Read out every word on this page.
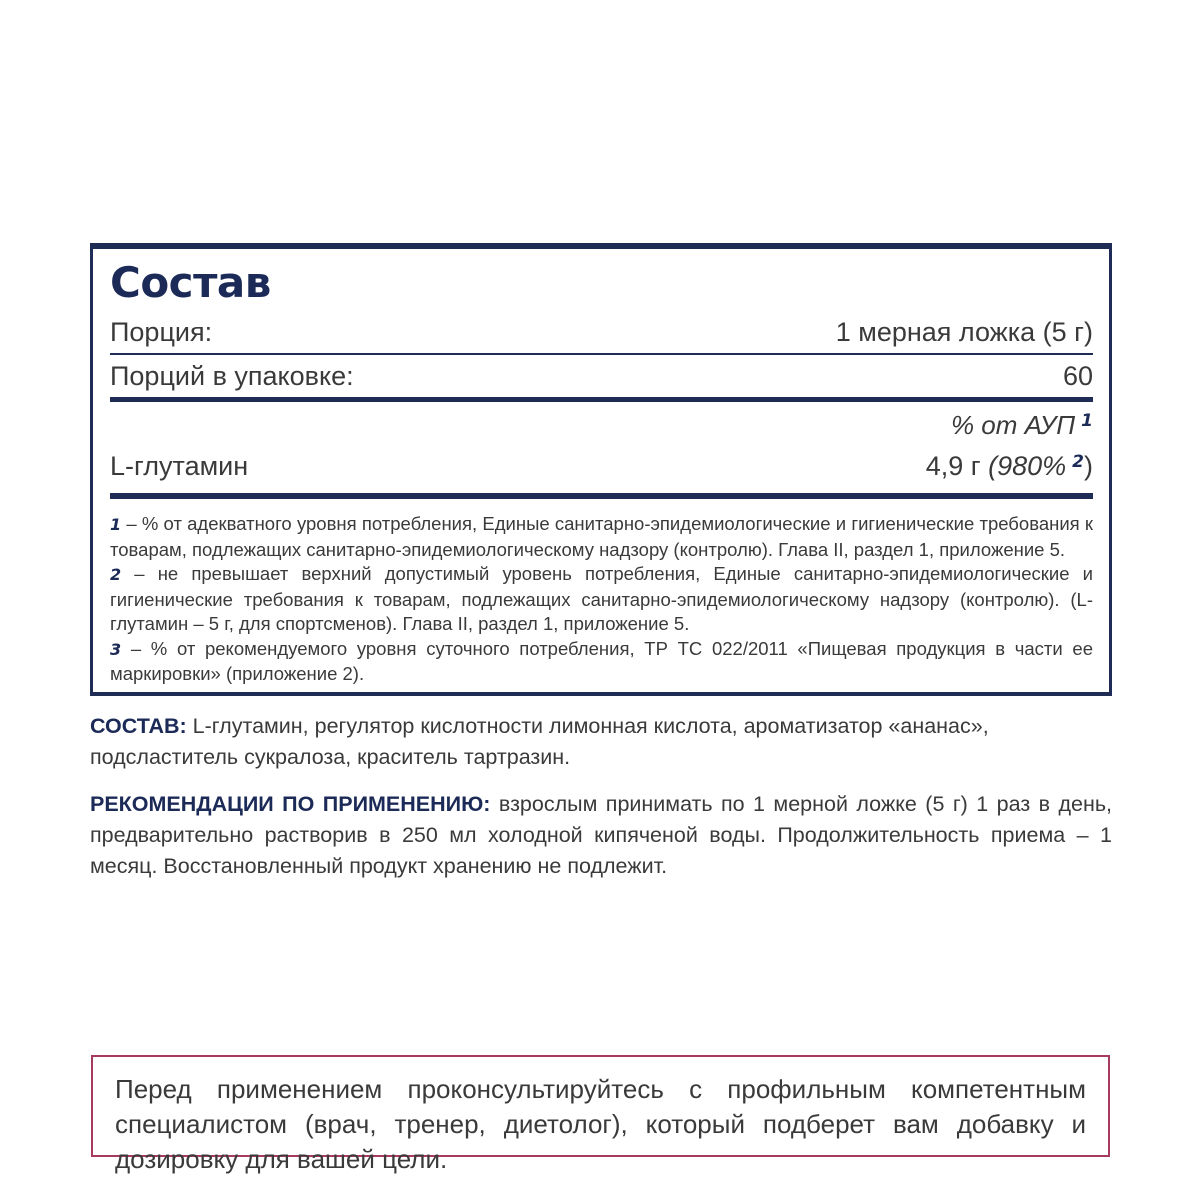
Состав
Порция:	1 мерная ложка (5 г)
Порций в упаковке:	60
% от АУП $^1$
L-глутамин	4,9 г (980% $^2$)

1 – % от адекватного уровня потребления, Единые санитарно-эпидемиологические и гигиенические требования к товарам, подлежащих санитарно-эпидемиологическому надзору (контролю). Глава II, раздел 1, приложение 5.

2 – не превышает верхний допустимый уровень потребления, Единые санитарно-эпидемиологические и гигиенические требования к товарам, подлежащих санитарно-эпидемиологическому надзору (контролю). (L-глутамин – 5 г, для спортсменов). Глава II, раздел 1, приложение 5.

3 – % от рекомендуемого уровня суточного потребления, ТР ТС 022/2011 «Пищевая продукция в части ее маркировки» (приложение 2).

СОСТАВ: L-глутамин, регулятор кислотности лимонная кислота, ароматизатор «ананас», подсластитель сукралоза, краситель тартразин.
РЕКОМЕНДАЦИИ ПО ПРИМЕНЕНИЮ: взрослым принимать по 1 мерной ложке (5 г) 1 раз в день, предварительно растворив в 250 мл холодной кипяченой воды. Продолжительность приема – 1 месяц. Восстановленный продукт хранению не подлежит.
Перед применением проконсультируйтесь с профильным компетентным специалистом (врач, тренер, диетолог), который подберет вам добавку и дозировку для вашей цели.
